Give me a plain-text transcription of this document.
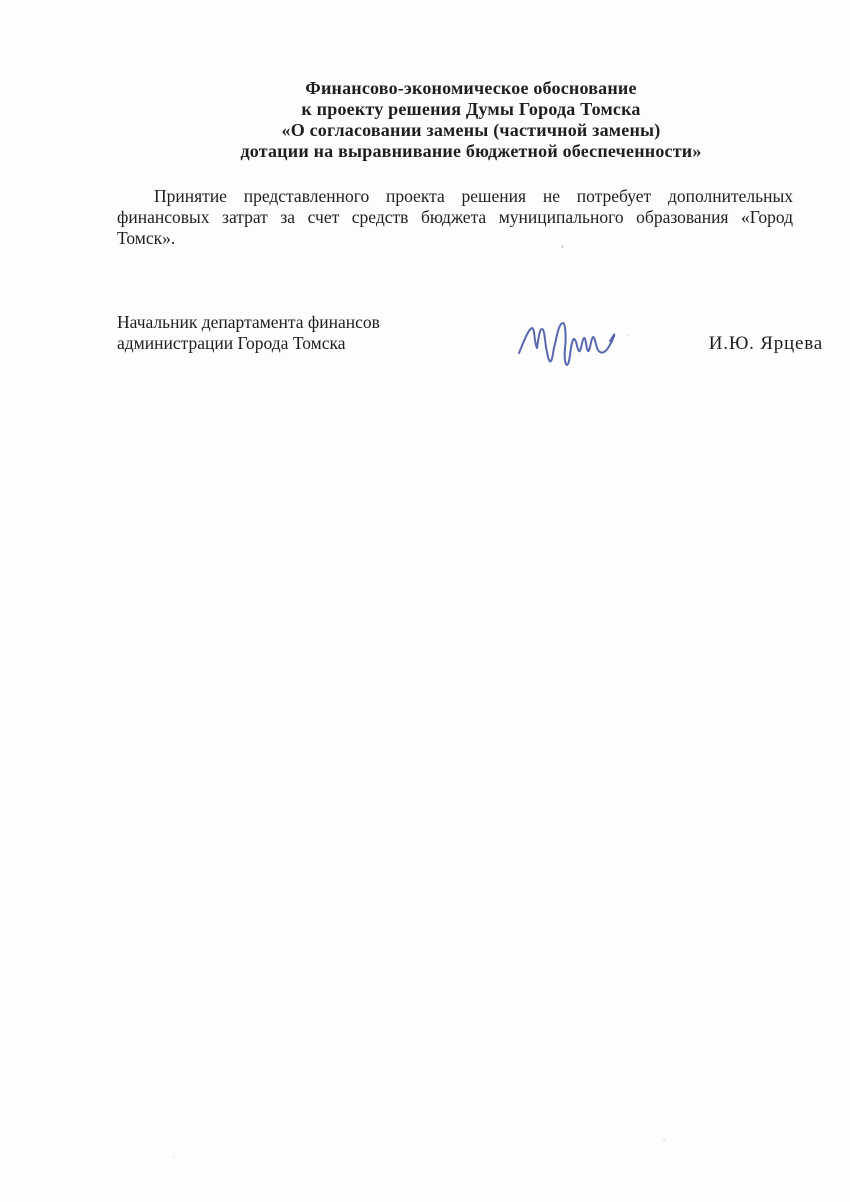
Финансово-экономическое обоснование
к проекту решения Думы Города Томска
«О согласовании замены (частичной замены)
дотации на выравнивание бюджетной обеспеченности»
Принятие представленного проекта решения не потребует дополнительных
финансовых затрат за счет средств бюджета муниципального образования «Город
Томск».
Начальник департамента финансов
администрации Города Томска	И.Ю. Ярцева
